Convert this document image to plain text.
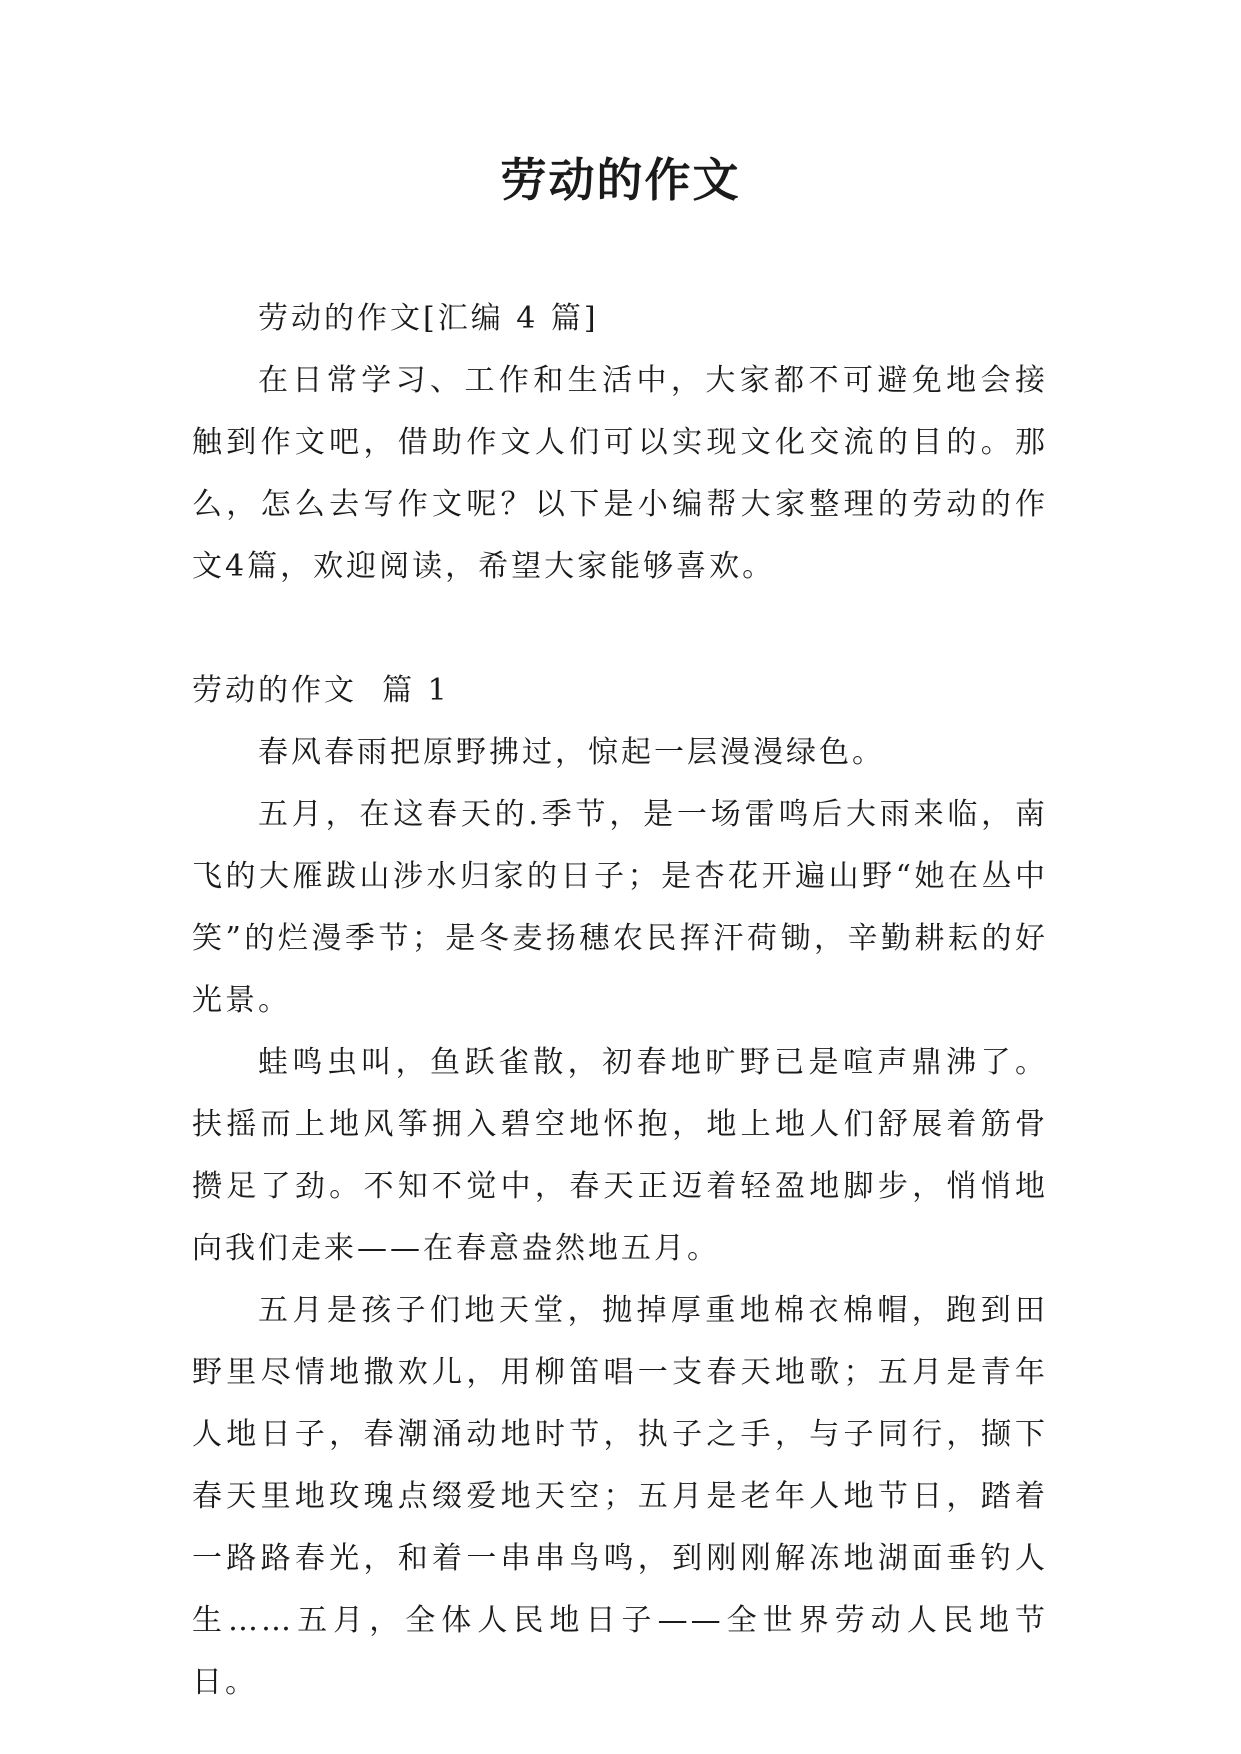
劳动的作文

劳动的作文[汇编 4 篇]

在日常学习、工作和生活中，大家都不可避免地会接触到作文吧，借助作文人们可以实现文化交流的目的。那么，怎么去写作文呢？以下是小编帮大家整理的劳动的作文4篇，欢迎阅读，希望大家能够喜欢。

劳动的作文  篇 1

春风春雨把原野拂过，惊起一层漫漫绿色。

五月，在这春天的.季节，是一场雷鸣后大雨来临，南飞的大雁跋山涉水归家的日子；是杏花开遍山野“她在丛中笑”的烂漫季节；是冬麦扬穗农民挥汗荷锄，辛勤耕耘的好光景。

蛙鸣虫叫，鱼跃雀散，初春地旷野已是喧声鼎沸了。扶摇而上地风筝拥入碧空地怀抱，地上地人们舒展着筋骨攒足了劲。不知不觉中，春天正迈着轻盈地脚步，悄悄地向我们走来——在春意盎然地五月。

五月是孩子们地天堂，抛掉厚重地棉衣棉帽，跑到田野里尽情地撒欢儿，用柳笛唱一支春天地歌；五月是青年人地日子，春潮涌动地时节，执子之手，与子同行，撷下春天里地玫瑰点缀爱地天空；五月是老年人地节日，踏着一路路春光，和着一串串鸟鸣，到刚刚解冻地湖面垂钓人生……五月，全体人民地日子——全世界劳动人民地节日。
